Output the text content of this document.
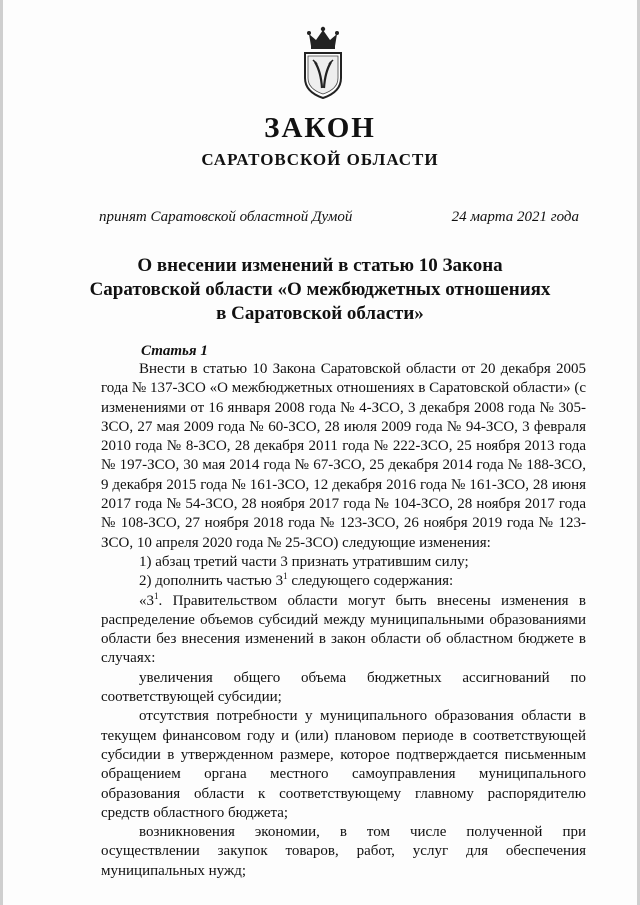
ЗАКОН
САРАТОВСКОЙ ОБЛАСТИ
принят Саратовской областной Думой	24 марта 2021 года
О внесении изменений в статью 10 Закона
Саратовской области «О межбюджетных отношениях
в Саратовской области»
Статья 1

Внести в статью 10 Закона Саратовской области от 20 декабря 2005 года № 137-ЗСО «О межбюджетных отношениях в Саратовской области» (с изменениями от 16 января 2008 года № 4-ЗСО, 3 декабря 2008 года № 305-ЗСО, 27 мая 2009 года № 60-ЗСО, 28 июля 2009 года № 94-ЗСО, 3 февраля 2010 года № 8-ЗСО, 28 декабря 2011 года № 222-ЗСО, 25 ноября 2013 года № 197-ЗСО, 30 мая 2014 года № 67-ЗСО, 25 декабря 2014 года № 188-ЗСО, 9 декабря 2015 года № 161-ЗСО, 12 декабря 2016 года № 161-ЗСО, 28 июня 2017 года № 54-ЗСО, 28 ноября 2017 года № 104-ЗСО, 28 ноября 2017 года № 108-ЗСО, 27 ноября 2018 года № 123-ЗСО, 26 ноября 2019 года № 123-ЗСО, 10 апреля 2020 года № 25-ЗСО) следующие изменения:

1) абзац третий части 3 признать утратившим силу;

2) дополнить частью $3^1$ следующего содержания:

«$3^1$. Правительством области могут быть внесены изменения в распределение объемов субсидий между муниципальными образованиями области без внесения изменений в закон области об областном бюджете в случаях:

увеличения общего объема бюджетных ассигнований по соответствующей субсидии;

отсутствия потребности у муниципального образования области в текущем финансовом году и (или) плановом периоде в соответствующей субсидии в утвержденном размере, которое подтверждается письменным обращением органа местного самоуправления муниципального образования области к соответствующему главному распорядителю средств областного бюджета;

возникновения экономии, в том числе полученной при осуществлении закупок товаров, работ, услуг для обеспечения муниципальных нужд;
